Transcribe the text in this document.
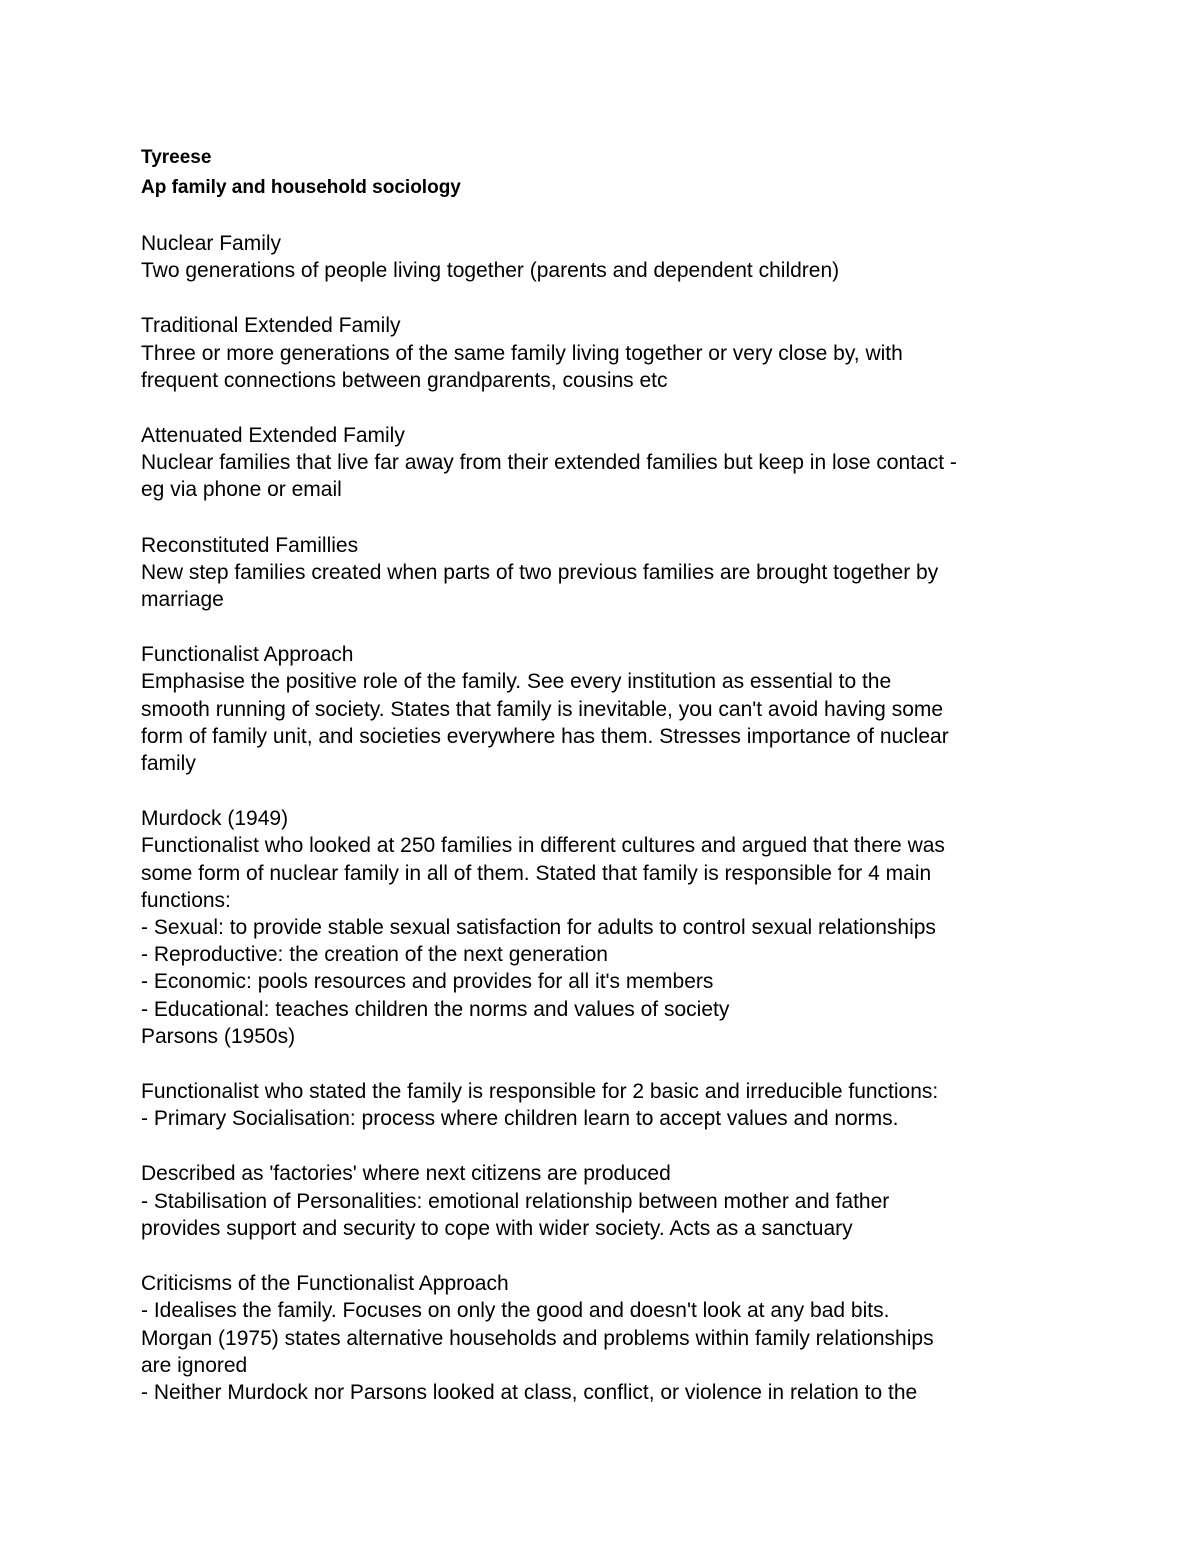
Tyreese

Ap family and household sociology

Nuclear Family

Two generations of people living together (parents and dependent children)

Traditional Extended Family

Three or more generations of the same family living together or very close by, with

frequent connections between grandparents, cousins etc

Attenuated Extended Family

Nuclear families that live far away from their extended families but keep in lose contact -

eg via phone or email

Reconstituted Famillies

New step families created when parts of two previous families are brought together by

marriage

Functionalist Approach

Emphasise the positive role of the family. See every institution as essential to the

smooth running of society. States that family is inevitable, you can't avoid having some

form of family unit, and societies everywhere has them. Stresses importance of nuclear

family

Murdock (1949)

Functionalist who looked at 250 families in different cultures and argued that there was

some form of nuclear family in all of them. Stated that family is responsible for 4 main

functions:

- Sexual: to provide stable sexual satisfaction for adults to control sexual relationships

- Reproductive: the creation of the next generation

- Economic: pools resources and provides for all it's members

- Educational: teaches children the norms and values of society

Parsons (1950s)

Functionalist who stated the family is responsible for 2 basic and irreducible functions:

- Primary Socialisation: process where children learn to accept values and norms.

Described as 'factories' where next citizens are produced

- Stabilisation of Personalities: emotional relationship between mother and father

provides support and security to cope with wider society. Acts as a sanctuary

Criticisms of the Functionalist Approach

- Idealises the family. Focuses on only the good and doesn't look at any bad bits.

Morgan (1975) states alternative households and problems within family relationships

are ignored

- Neither Murdock nor Parsons looked at class, conflict, or violence in relation to the
